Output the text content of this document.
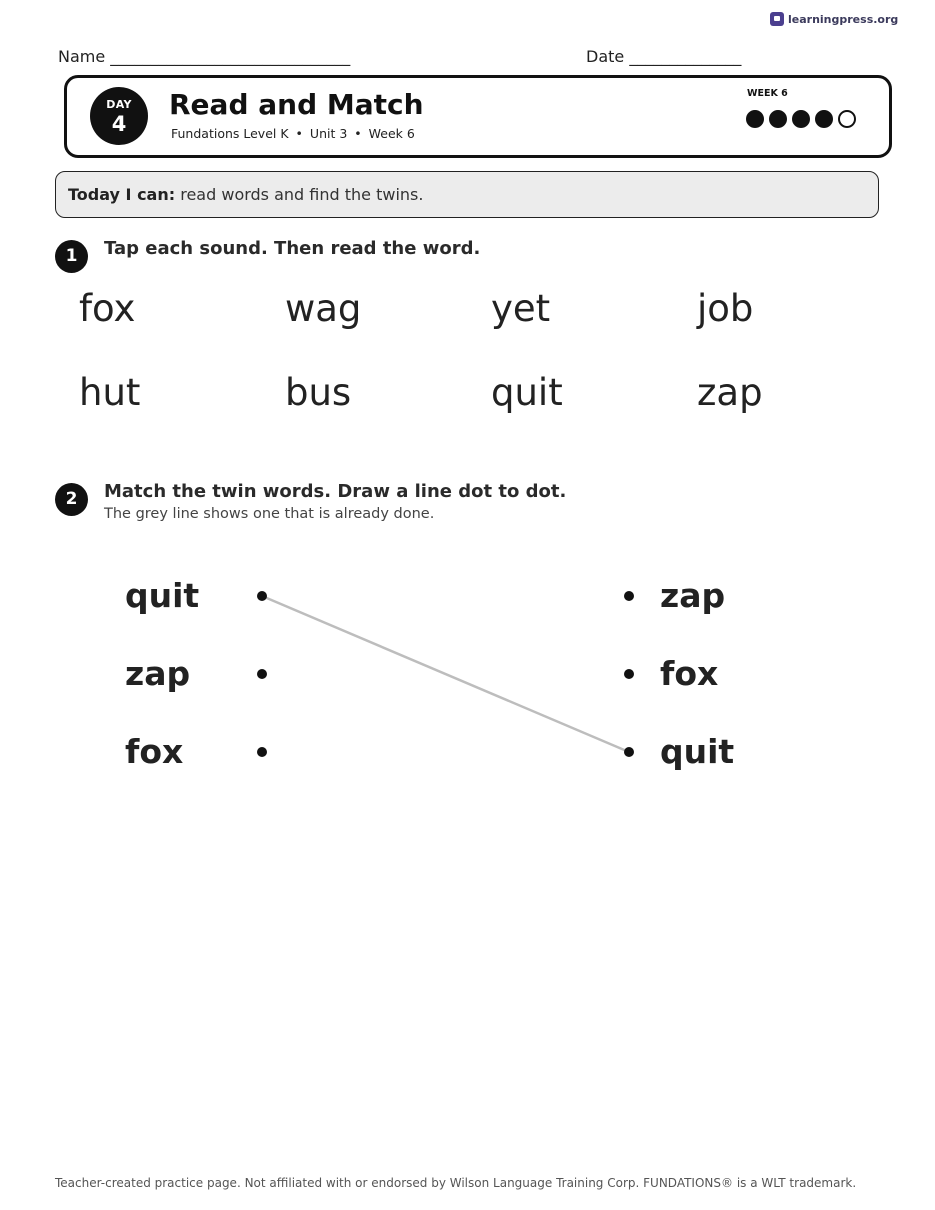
learningpress.org
Name ______________________________	Date ______________
DAY
4
Read and Match
Fundations Level K • Unit 3 • Week 6
WEEK 6
Today I can: read words and find the twins.
1	Tap each sound. Then read the word.
fox	wag	yet	job
hut	bus	quit	zap
2	Match the twin words. Draw a line dot to dot.
The grey line shows one that is already done.
quit
zap
fox
zap
fox
quit
Teacher-created practice page. Not affiliated with or endorsed by Wilson Language Training Corp. FUNDATIONS® is a WLT trademark.
